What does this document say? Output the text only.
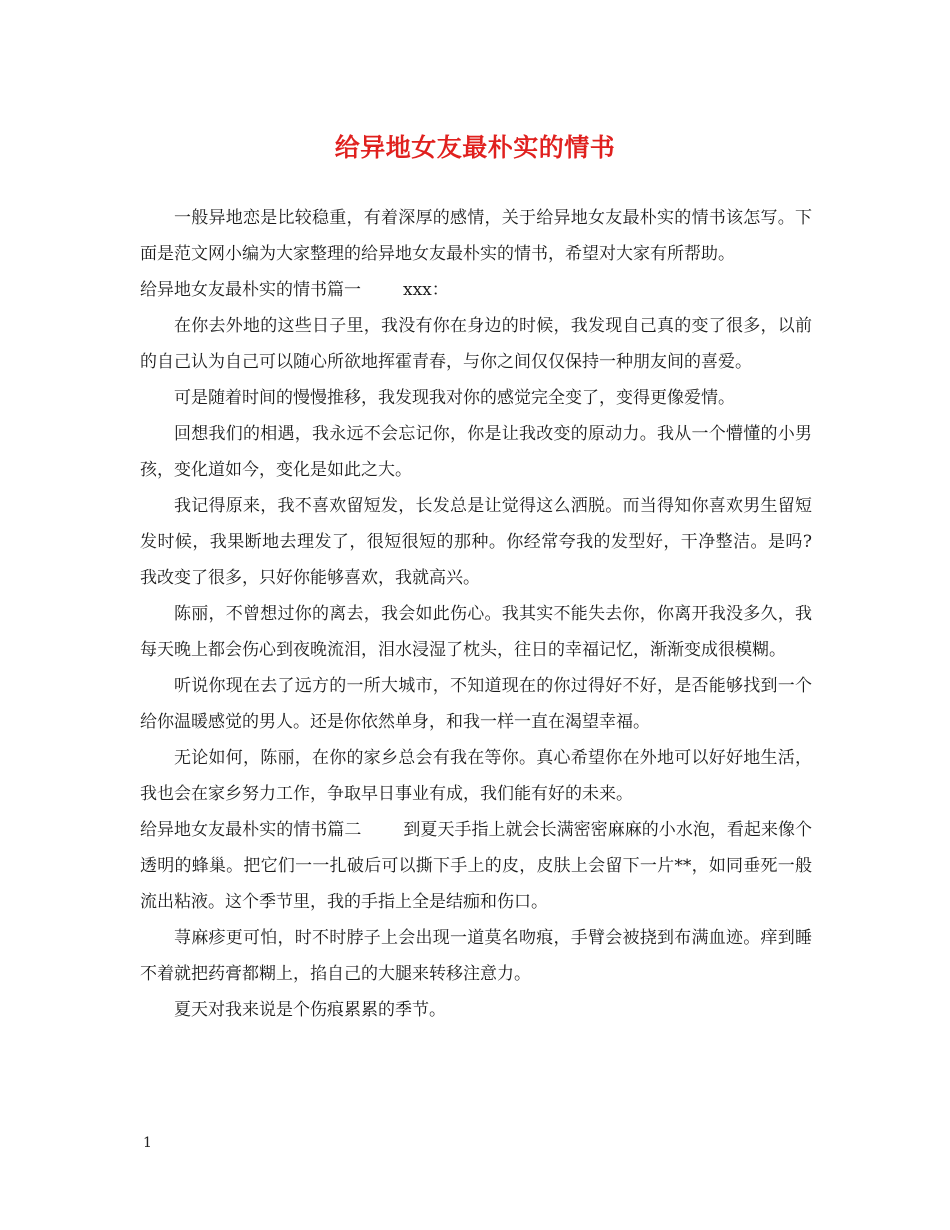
给异地女友最朴实的情书

一般异地恋是比较稳重，有着深厚的感情，关于给异地女友最朴实的情书该怎写。下面是范文网小编为大家整理的给异地女友最朴实的情书，希望对大家有所帮助。

给异地女友最朴实的情书篇一 xxx：

在你去外地的这些日子里，我没有你在身边的时候，我发现自己真的变了很多，以前的自己认为自己可以随心所欲地挥霍青春，与你之间仅仅保持一种朋友间的喜爱。

可是随着时间的慢慢推移，我发现我对你的感觉完全变了，变得更像爱情。

回想我们的相遇，我永远不会忘记你，你是让我改变的原动力。我从一个懵懂的小男孩，变化道如今，变化是如此之大。

我记得原来，我不喜欢留短发，长发总是让觉得这么洒脱。而当得知你喜欢男生留短发时候，我果断地去理发了，很短很短的那种。你经常夸我的发型好，干净整洁。是吗?我改变了很多，只好你能够喜欢，我就高兴。

陈丽，不曾想过你的离去，我会如此伤心。我其实不能失去你，你离开我没多久，我每天晚上都会伤心到夜晚流泪，泪水浸湿了枕头，往日的幸福记忆，渐渐变成很模糊。

听说你现在去了远方的一所大城市，不知道现在的你过得好不好，是否能够找到一个给你温暖感觉的男人。还是你依然单身，和我一样一直在渴望幸福。

无论如何，陈丽，在你的家乡总会有我在等你。真心希望你在外地可以好好地生活，我也会在家乡努力工作，争取早日事业有成，我们能有好的未来。

给异地女友最朴实的情书篇二 到夏天手指上就会长满密密麻麻的小水泡，看起来像个透明的蜂巢。把它们一一扎破后可以撕下手上的皮，皮肤上会留下一片**，如同垂死一般流出粘液。这个季节里，我的手指上全是结痂和伤口。

荨麻疹更可怕，时不时脖子上会出现一道莫名吻痕，手臂会被挠到布满血迹。痒到睡不着就把药膏都糊上，掐自己的大腿来转移注意力。

夏天对我来说是个伤痕累累的季节。

1
